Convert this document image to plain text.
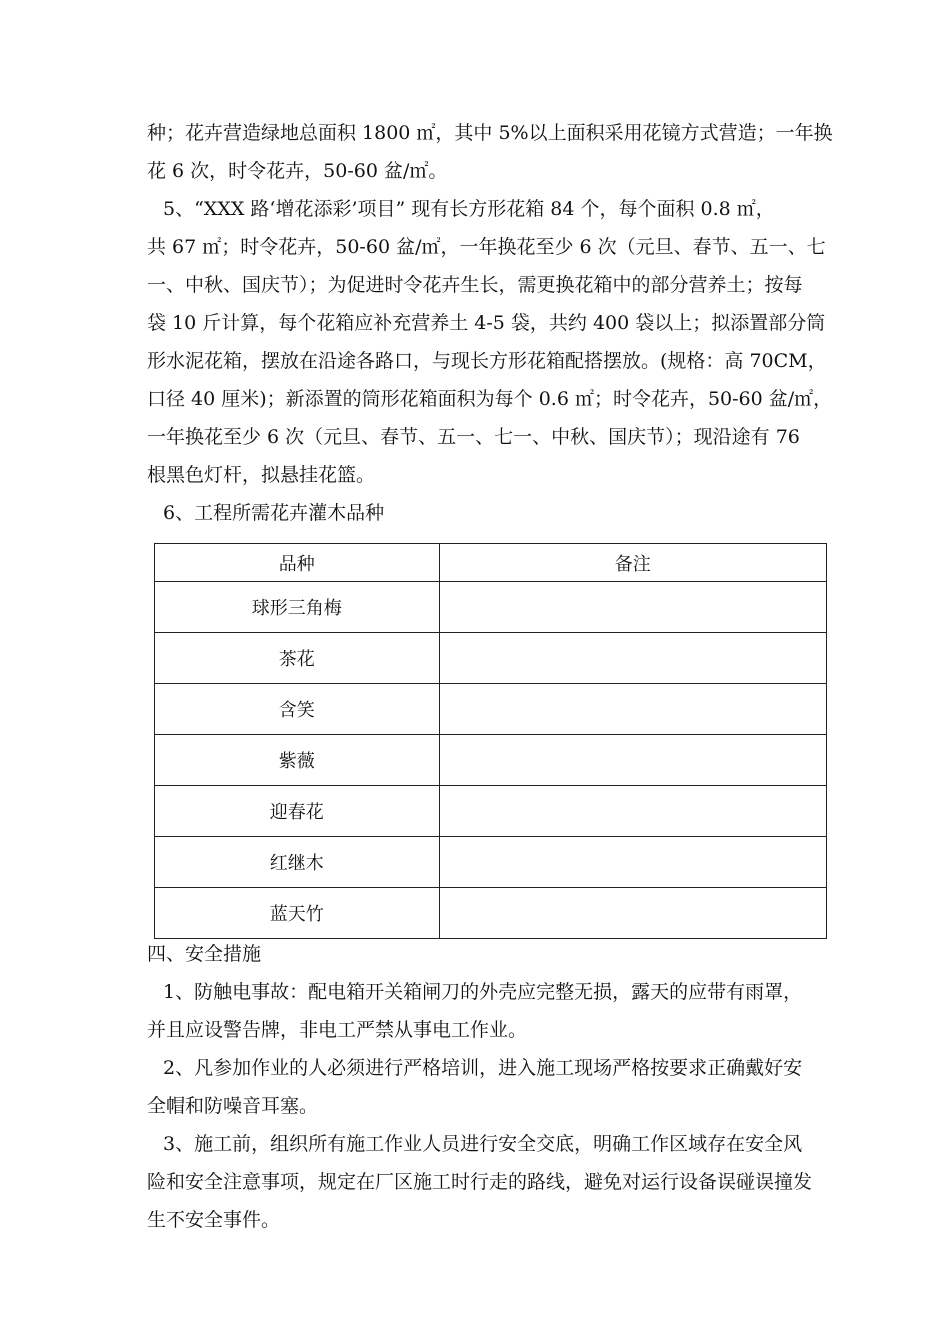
种；花卉营造绿地总面积 1800 ㎡，其中 5%以上面积采用花镜方式营造；一年换
花 6 次，时令花卉，50-60 盆/㎡。

5、“XXX 路‘增花添彩’项目” 现有长方形花箱 84 个，每个面积 0.8 ㎡，
共 67 ㎡；时令花卉，50-60 盆/㎡，一年换花至少 6 次（元旦、春节、五一、七
一、中秋、国庆节）；为促进时令花卉生长，需更换花箱中的部分营养土；按每
袋 10 斤计算，每个花箱应补充营养土 4-5 袋，共约 400 袋以上；拟添置部分筒
形水泥花箱，摆放在沿途各路口，与现长方形花箱配搭摆放。(规格：高 70CM，
口径 40 厘米)；新添置的筒形花箱面积为每个 0.6 ㎡；时令花卉，50-60 盆/㎡，
一年换花至少 6 次（元旦、春节、五一、七一、中秋、国庆节）；现沿途有 76
根黑色灯杆，拟悬挂花篮。

6、工程所需花卉灌木品种

品种	备注
球形三角梅	
茶花	
含笑	
紫薇	
迎春花	
红继木	
蓝天竹	

四、安全措施

1、防触电事故：配电箱开关箱闸刀的外壳应完整无损，露天的应带有雨罩，
并且应设警告牌，非电工严禁从事电工作业。

2、凡参加作业的人必须进行严格培训，进入施工现场严格按要求正确戴好安
全帽和防噪音耳塞。

3、施工前，组织所有施工作业人员进行安全交底，明确工作区域存在安全风
险和安全注意事项，规定在厂区施工时行走的路线，避免对运行设备误碰误撞发
生不安全事件。
